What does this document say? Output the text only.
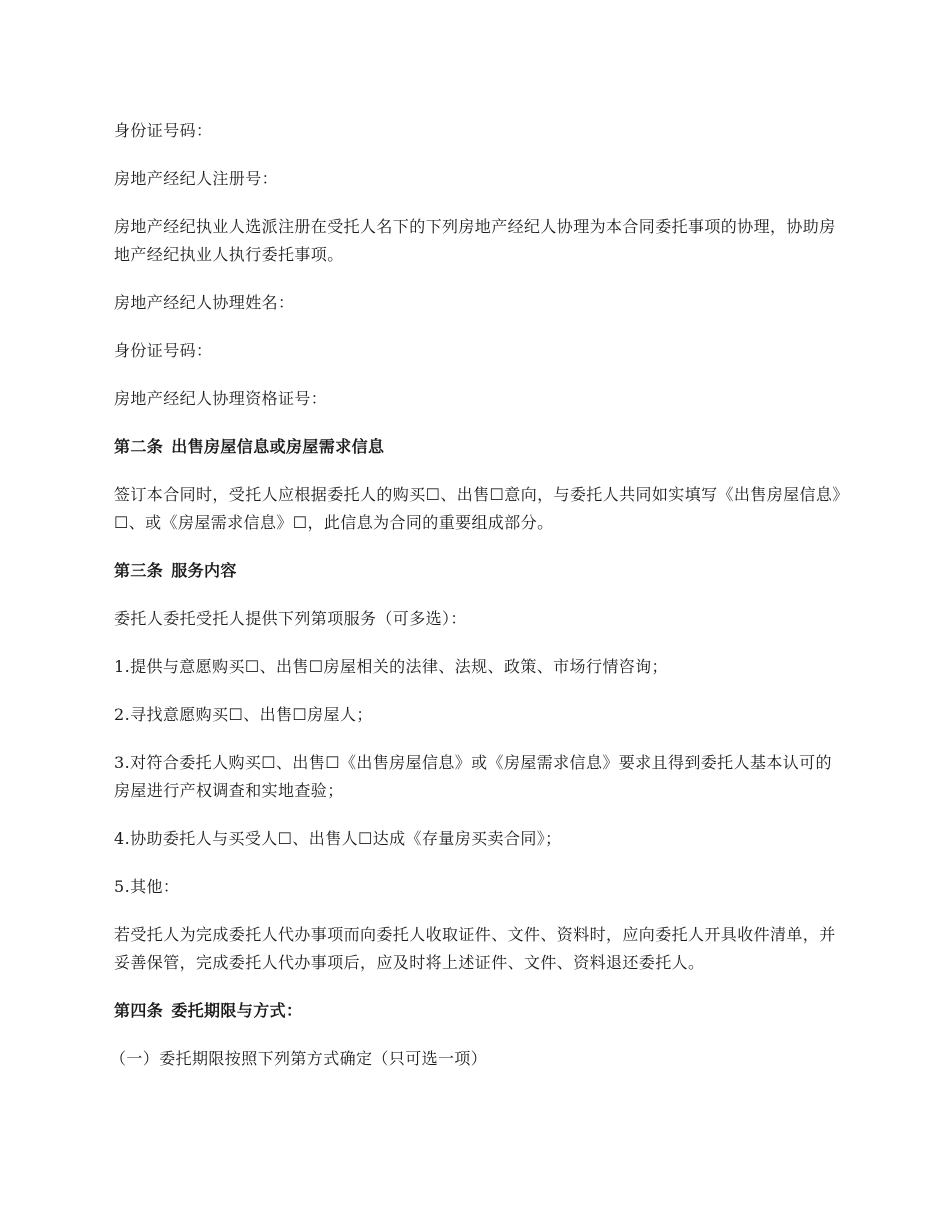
身份证号码：

房地产经纪人注册号：

房地产经纪执业人选派注册在受托人名下的下列房地产经纪人协理为本合同委托事项的协理，协助房地产经纪执业人执行委托事项。

房地产经纪人协理姓名：

身份证号码：

房地产经纪人协理资格证号：

第二条 出售房屋信息或房屋需求信息

签订本合同时，受托人应根据委托人的购买☐、出售☐意向，与委托人共同如实填写《出售房屋信息》☐、或《房屋需求信息》☐，此信息为合同的重要组成部分。

第三条 服务内容

委托人委托受托人提供下列第项服务（可多选）：

1.提供与意愿购买☐、出售☐房屋相关的法律、法规、政策、市场行情咨询；

2.寻找意愿购买☐、出售☐房屋人；

3.对符合委托人购买☐、出售☐《出售房屋信息》或《房屋需求信息》要求且得到委托人基本认可的房屋进行产权调查和实地查验；

4.协助委托人与买受人☐、出售人☐达成《存量房买卖合同》；

5.其他：

若受托人为完成委托人代办事项而向委托人收取证件、文件、资料时，应向委托人开具收件清单，并妥善保管，完成委托人代办事项后，应及时将上述证件、文件、资料退还委托人。

第四条 委托期限与方式：

（一）委托期限按照下列第方式确定（只可选一项）
